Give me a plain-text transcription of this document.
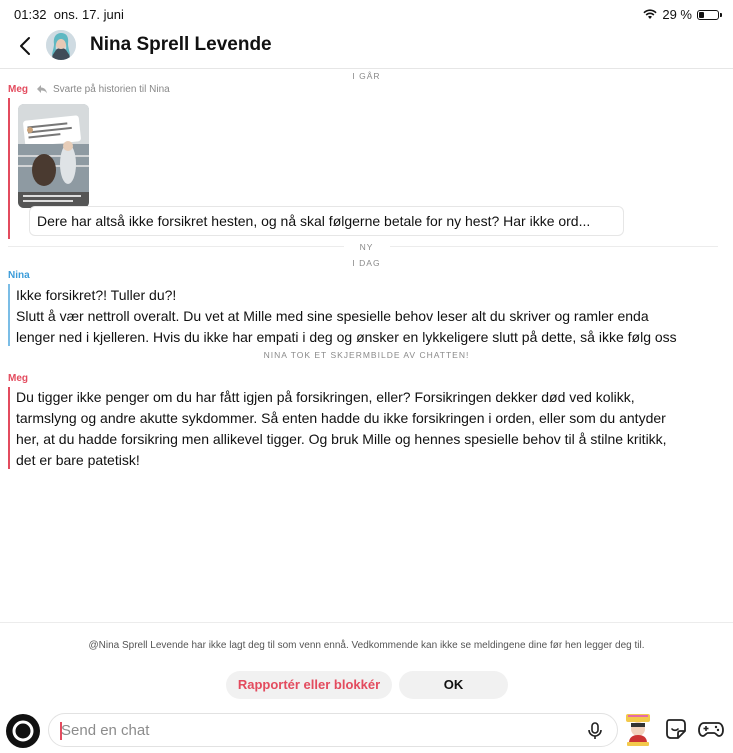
01:32 ons. 17. juni	29 %
Nina Sprell Levende
I GÅR
Meg	Svarte på historien til Nina
Dere har altså ikke forsikret hesten, og nå skal følgerne betale for ny hest? Har ikke ord...
NY
I DAG
Nina
Ikke forsikret?! Tuller du?!
Slutt å vær nettroll overalt. Du vet at Mille med sine spesielle behov leser alt du skriver og ramler enda
lenger ned i kjelleren. Hvis du ikke har empati i deg og ønsker en lykkeligere slutt på dette, så ikke følg oss
NINA TOK ET SKJERMBILDE AV CHATTEN!
Meg
Du tigger ikke penger om du har fått igjen på forsikringen, eller? Forsikringen dekker død ved kolikk,
tarmslyng og andre akutte sykdommer. Så enten hadde du ikke forsikringen i orden, eller som du antyder
her, at du hadde forsikring men allikevel tigger. Og bruk Mille og hennes spesielle behov til å stilne kritikk,
det er bare patetisk!
@Nina Sprell Levende har ikke lagt deg til som venn ennå. Vedkommende kan ikke se meldingene dine før hen legger deg til.
Rapportér eller blokkér	OK
Send en chat
